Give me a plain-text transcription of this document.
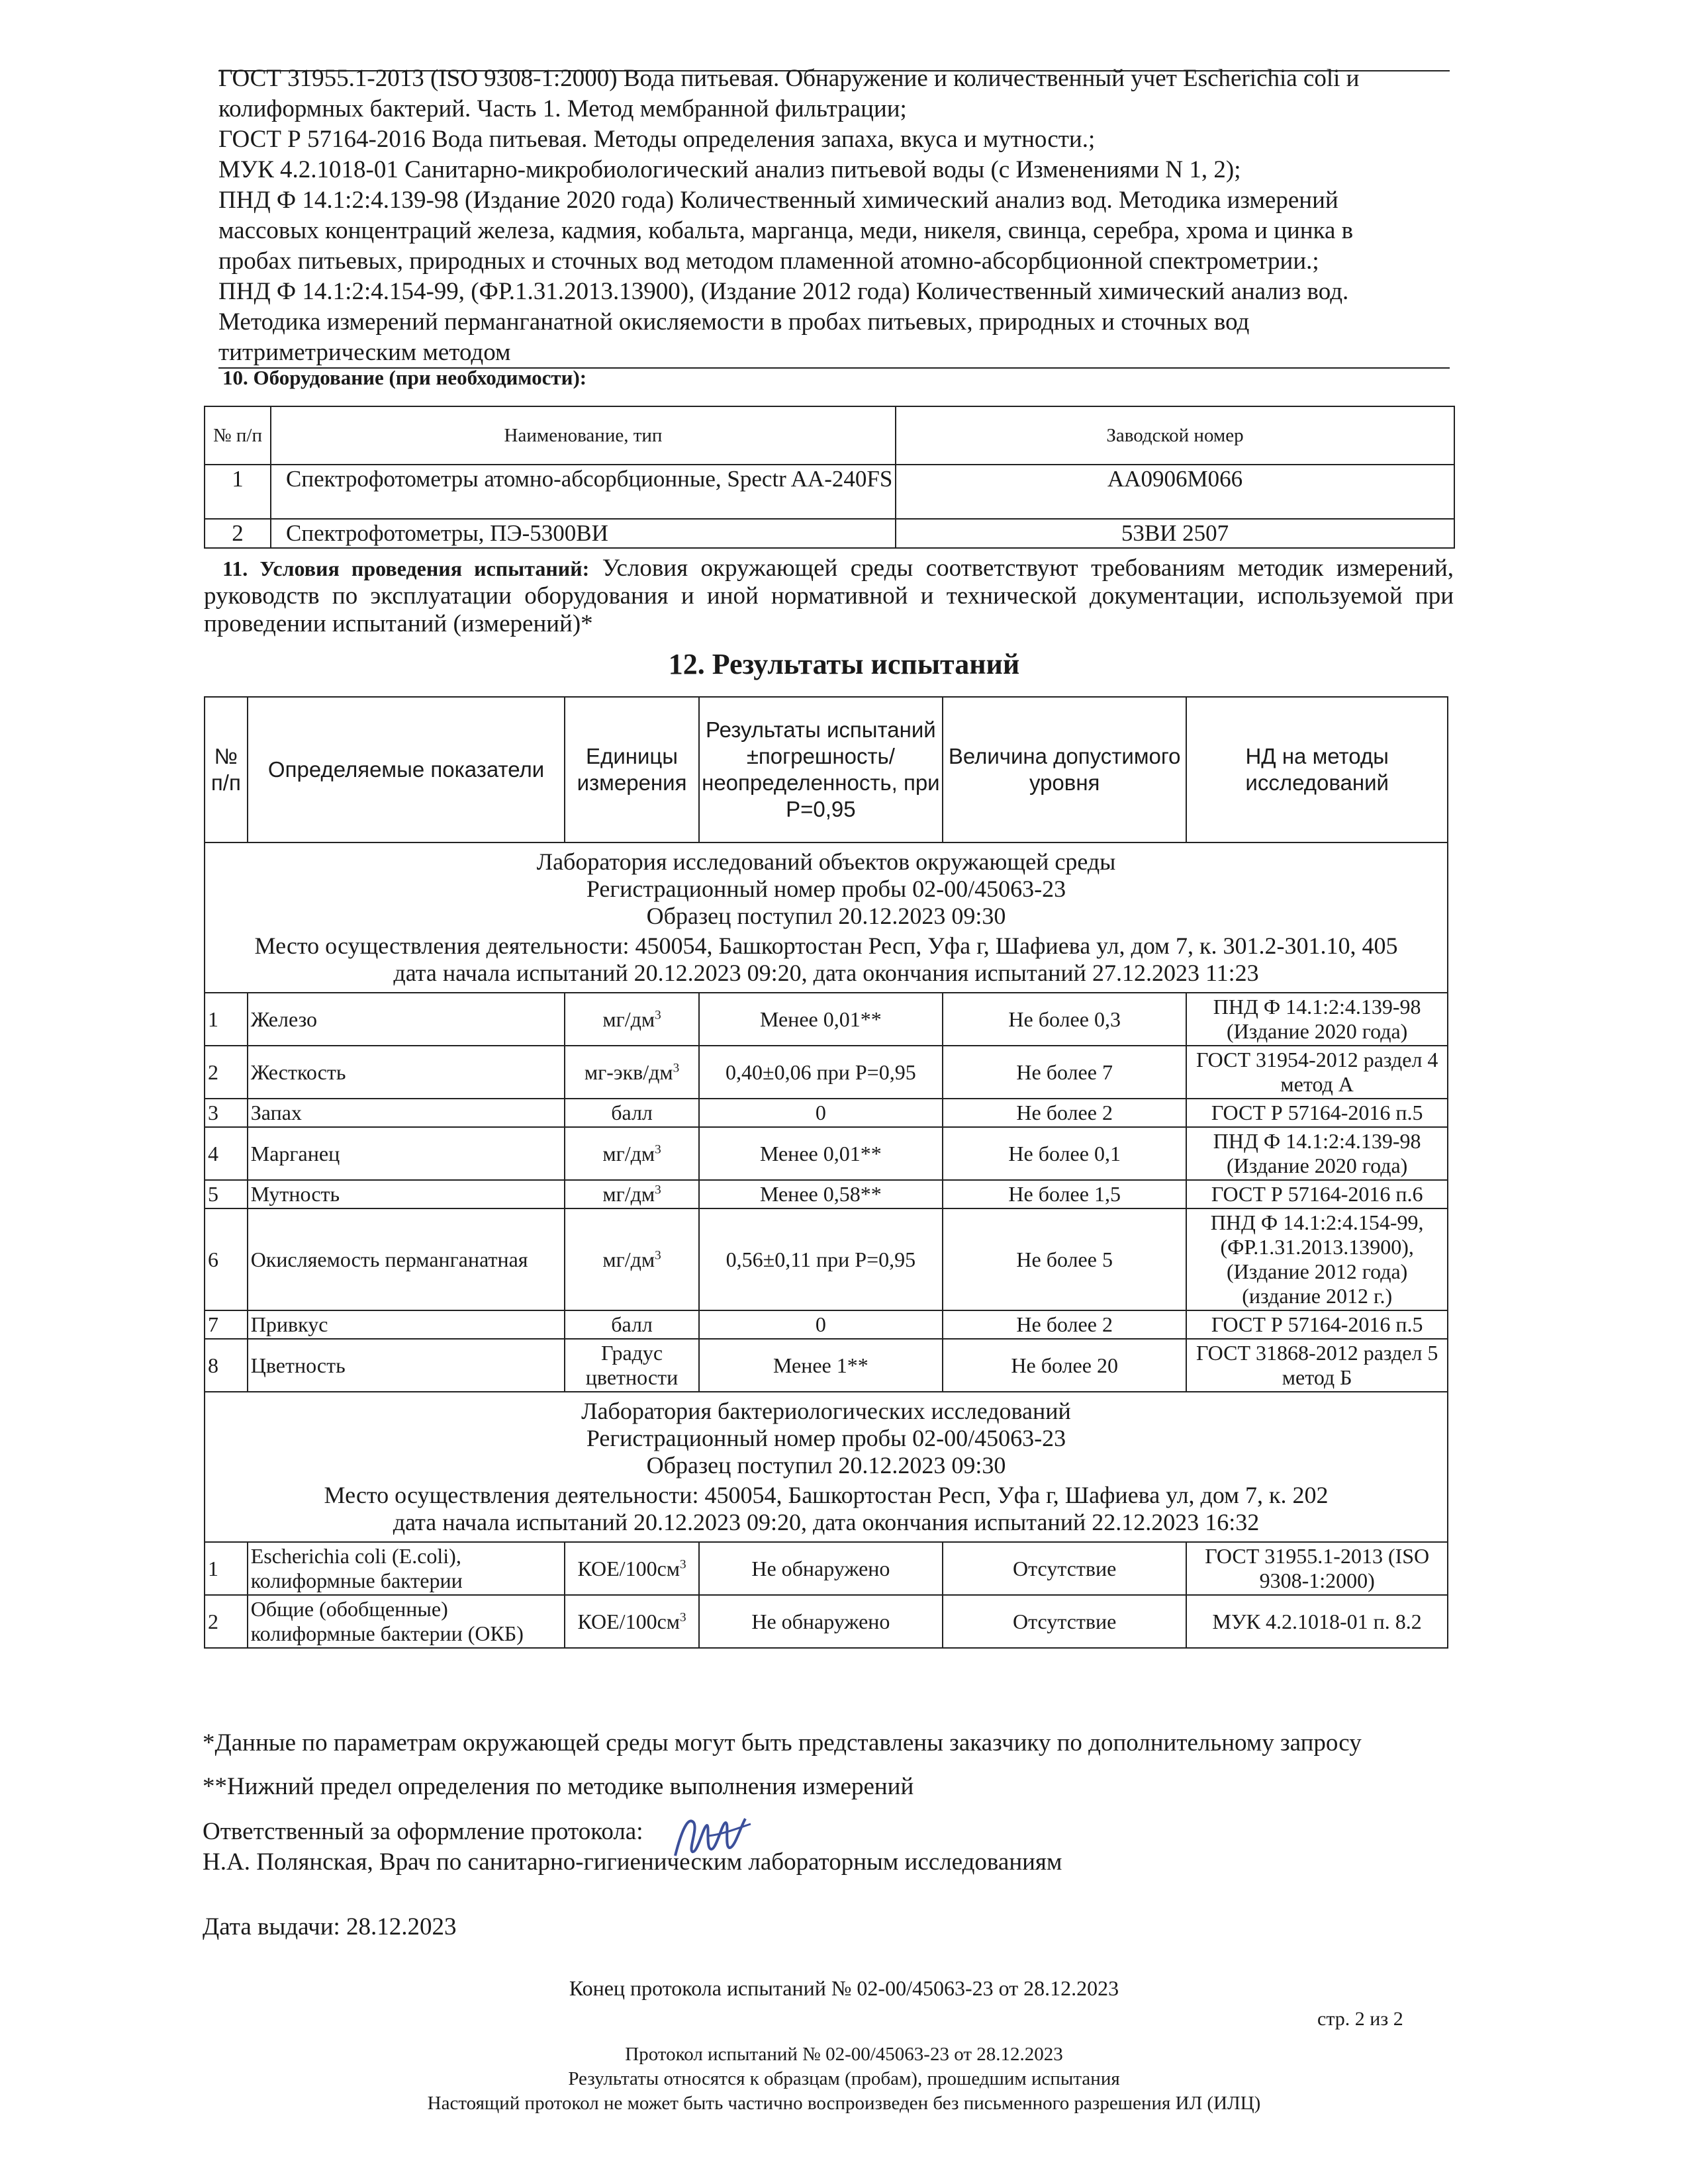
ГОСТ 31955.1-2013 (ISO 9308-1:2000) Вода питьевая. Обнаружение и количественный учет Escherichia coli и
колиформных бактерий. Часть 1. Метод мембранной фильтрации;
ГОСТ Р 57164-2016 Вода питьевая. Методы определения запаха, вкуса и мутности.;
МУК 4.2.1018-01 Санитарно-микробиологический анализ питьевой воды (с Изменениями N 1, 2);
ПНД Ф 14.1:2:4.139-98 (Издание 2020 года) Количественный химический анализ вод. Методика измерений
массовых концентраций железа, кадмия, кобальта, марганца, меди, никеля, свинца, серебра, хрома и цинка в
пробах питьевых, природных и сточных вод методом пламенной атомно-абсорбционной спектрометрии.;
ПНД Ф 14.1:2:4.154-99, (ФР.1.31.2013.13900), (Издание 2012 года) Количественный химический анализ вод.
Методика измерений перманганатной окисляемости в пробах питьевых, природных и сточных вод
титриметрическим методом
10. Оборудование (при необходимости):
№ п/п	Наименование, тип	Заводской номер
1	Спектрофотометры атомно-абсорбционные, Spectr AA-240FS	AA0906M066
2	Спектрофотометры, ПЭ-5300ВИ	53ВИ 2507
11. Условия проведения испытаний: Условия окружающей среды соответствуют требованиям методик измерений, руководств по эксплуатации оборудования и иной нормативной и технической документации, используемой при проведении испытаний (измерений)*
12. Результаты испытаний
№ п/п	Определяемые показатели	Единицы измерения	Результаты испытаний ±погрешность/ неопределенность, при Р=0,95	Величина допустимого уровня	НД на методы исследований

Лаборатория исследований объектов окружающей среды
Регистрационный номер пробы 02-00/45063-23
Образец поступил 20.12.2023 09:30
Место осуществления деятельности: 450054, Башкортостан Респ, Уфа г, Шафиева ул, дом 7, к. 301.2-301.10, 405
дата начала испытаний 20.12.2023 09:20, дата окончания испытаний 27.12.2023 11:23					

1	Железо	$мг/дм^3$	Менее 0,01**	Не более 0,3	ПНД Ф 14.1:2:4.139-98 (Издание 2020 года)
2	Жесткость	$мг-экв/дм^3$	0,40±0,06 при Р=0,95	Не более 7	ГОСТ 31954-2012 раздел 4 метод А
3	Запах	балл	0	Не более 2	ГОСТ Р 57164-2016 п.5
4	Марганец	$мг/дм^3$	Менее 0,01**	Не более 0,1	ПНД Ф 14.1:2:4.139-98 (Издание 2020 года)
5	Мутность	$мг/дм^3$	Менее 0,58**	Не более 1,5	ГОСТ Р 57164-2016 п.6
6	Окисляемость перманганатная	$мг/дм^3$	0,56±0,11 при Р=0,95	Не более 5	ПНД Ф 14.1:2:4.154-99, (ФР.1.31.2013.13900), (Издание 2012 года) (издание 2012 г.)
7	Привкус	балл	0	Не более 2	ГОСТ Р 57164-2016 п.5
8	Цветность	Градус цветности	Менее 1**	Не более 20	ГОСТ 31868-2012 раздел 5 метод Б

Лаборатория бактериологических исследований
Регистрационный номер пробы 02-00/45063-23
Образец поступил 20.12.2023 09:30
Место осуществления деятельности: 450054, Башкортостан Респ, Уфа г, Шафиева ул, дом 7, к. 202
дата начала испытаний 20.12.2023 09:20, дата окончания испытаний 22.12.2023 16:32					

1	Escherichia coli (E.coli), колиформные бактерии	КОЕ/$100см^3$	Не обнаружено	Отсутствие	ГОСТ 31955.1-2013 (ISO 9308-1:2000)
2	Общие (обобщенные) колиформные бактерии (ОКБ)	КОЕ/$100см^3$	Не обнаружено	Отсутствие	МУК 4.2.1018-01 п. 8.2
*Данные по параметрам окружающей среды могут быть представлены заказчику по дополнительному запросу
**Нижний предел определения по методике выполнения измерений
Ответственный за оформление протокола:
Н.А. Полянская, Врач по санитарно-гигиеническим лабораторным исследованиям
Дата выдачи: 28.12.2023
Конец протокола испытаний № 02-00/45063-23 от 28.12.2023
стр. 2 из 2
Протокол испытаний № 02-00/45063-23 от 28.12.2023
Результаты относятся к образцам (пробам), прошедшим испытания
Настоящий протокол не может быть частично воспроизведен без письменного разрешения ИЛ (ИЛЦ)
